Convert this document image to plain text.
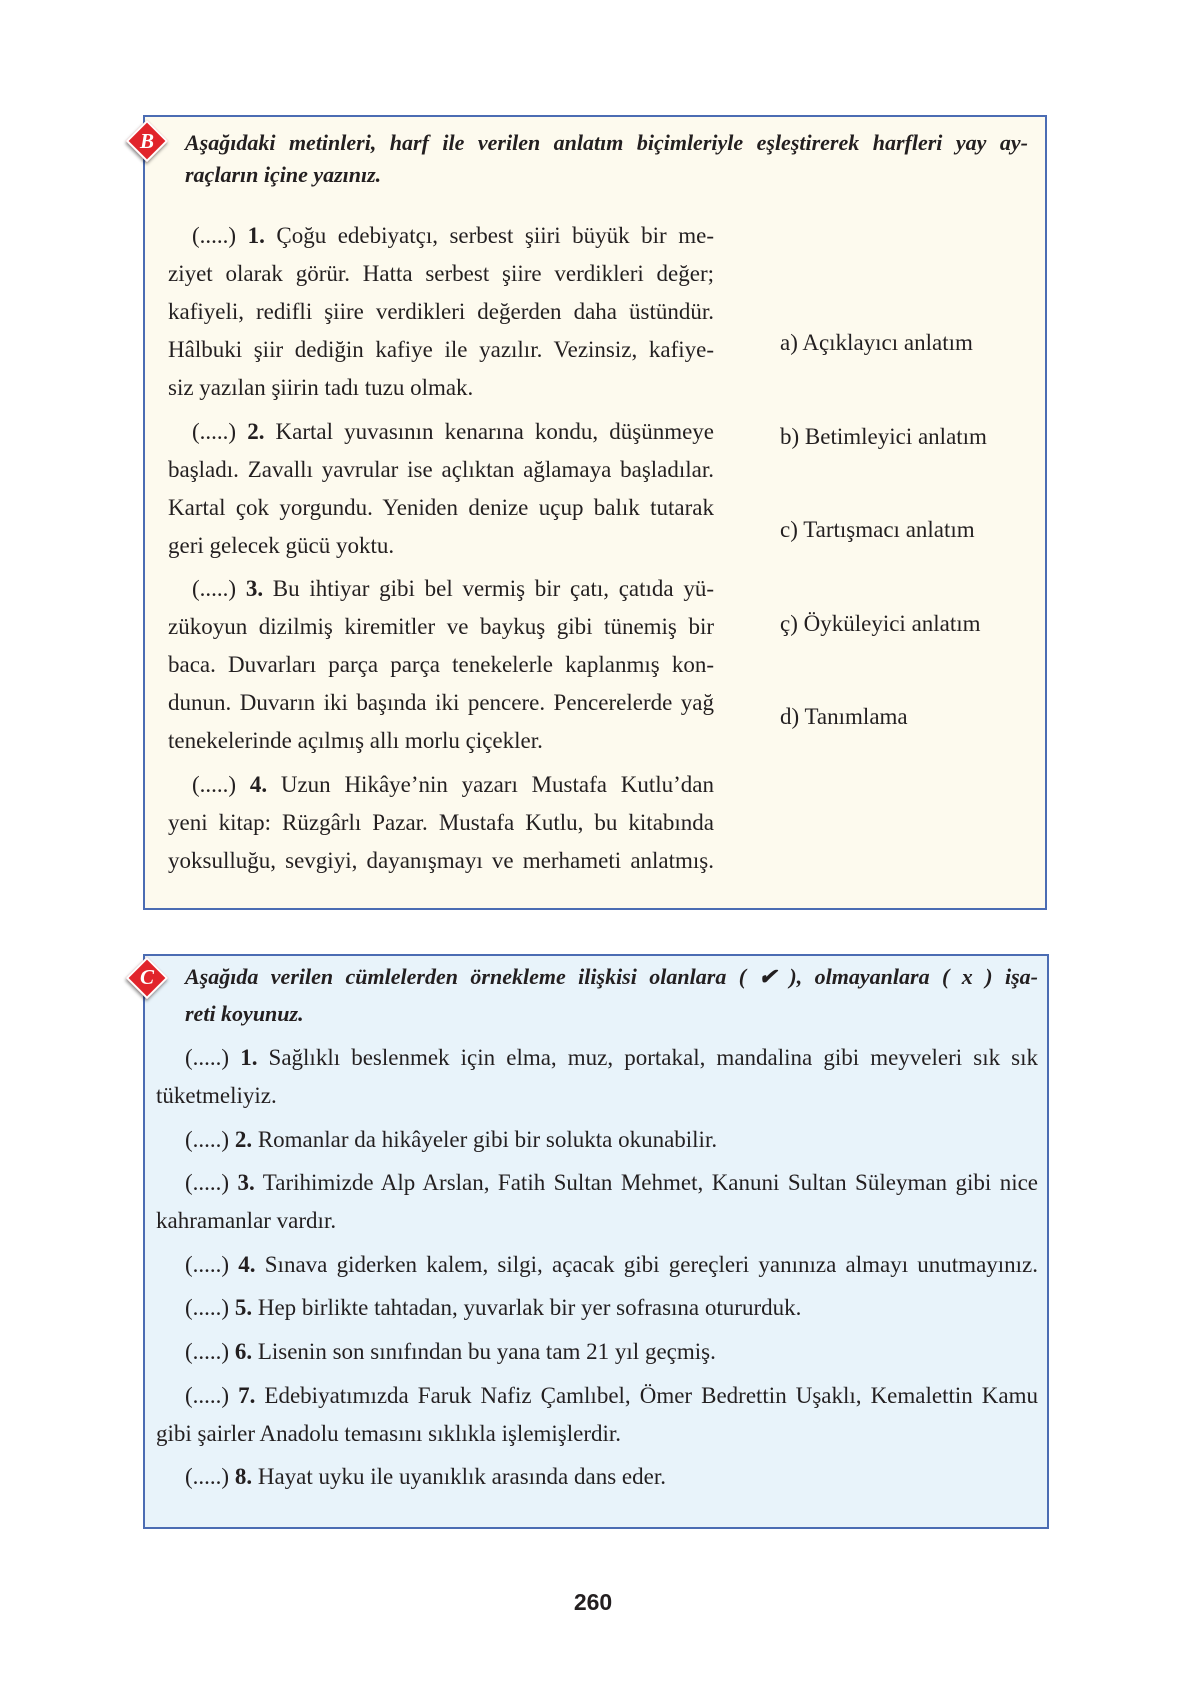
B	Aşağıdaki metinleri, harf ile verilen anlatım biçimleriyle eşleştirerek harfleri yay ay-
raçların içine yazınız.
(.....) 1. Çoğu edebiyatçı, serbest şiiri büyük bir me-
ziyet olarak görür. Hatta serbest şiire verdikleri değer;
kafiyeli, redifli şiire verdikleri değerden daha üstündür.
Hâlbuki şiir dediğin kafiye ile yazılır. Vezinsiz, kafiye-
siz yazılan şiirin tadı tuzu olmak.
(.....) 2. Kartal yuvasının kenarına kondu, düşünmeye
başladı. Zavallı yavrular ise açlıktan ağlamaya başladılar.
Kartal çok yorgundu. Yeniden denize uçup balık tutarak
geri gelecek gücü yoktu.
(.....) 3. Bu ihtiyar gibi bel vermiş bir çatı, çatıda yü-
zükoyun dizilmiş kiremitler ve baykuş gibi tünemiş bir
baca. Duvarları parça parça tenekelerle kaplanmış kon-
dunun. Duvarın iki başında iki pencere. Pencerelerde yağ
tenekelerinde açılmış allı morlu çiçekler.
(.....) 4. Uzun Hikâye’nin yazarı Mustafa Kutlu’dan
yeni kitap: Rüzgârlı Pazar. Mustafa Kutlu, bu kitabında
yoksulluğu, sevgiyi, dayanışmayı ve merhameti anlatmış.
a) Açıklayıcı anlatım
b) Betimleyici anlatım
c) Tartışmacı anlatım
ç) Öyküleyici anlatım
d) Tanımlama
C	Aşağıda verilen cümlelerden örnekleme ilişkisi olanlara ( ✔ ), olmayanlara ( x ) işa-
reti koyunuz.
(.....) 1. Sağlıklı beslenmek için elma, muz, portakal, mandalina gibi meyveleri sık sık
tüketmeliyiz.
(.....) 2. Romanlar da hikâyeler gibi bir solukta okunabilir.
(.....) 3. Tarihimizde Alp Arslan, Fatih Sultan Mehmet, Kanuni Sultan Süleyman gibi nice
kahramanlar vardır.
(.....) 4. Sınava giderken kalem, silgi, açacak gibi gereçleri yanınıza almayı unutmayınız.
(.....) 5. Hep birlikte tahtadan, yuvarlak bir yer sofrasına otururduk.
(.....) 6. Lisenin son sınıfından bu yana tam 21 yıl geçmiş.
(.....) 7. Edebiyatımızda Faruk Nafiz Çamlıbel, Ömer Bedrettin Uşaklı, Kemalettin Kamu
gibi şairler Anadolu temasını sıklıkla işlemişlerdir.
(.....) 8. Hayat uyku ile uyanıklık arasında dans eder.
260
